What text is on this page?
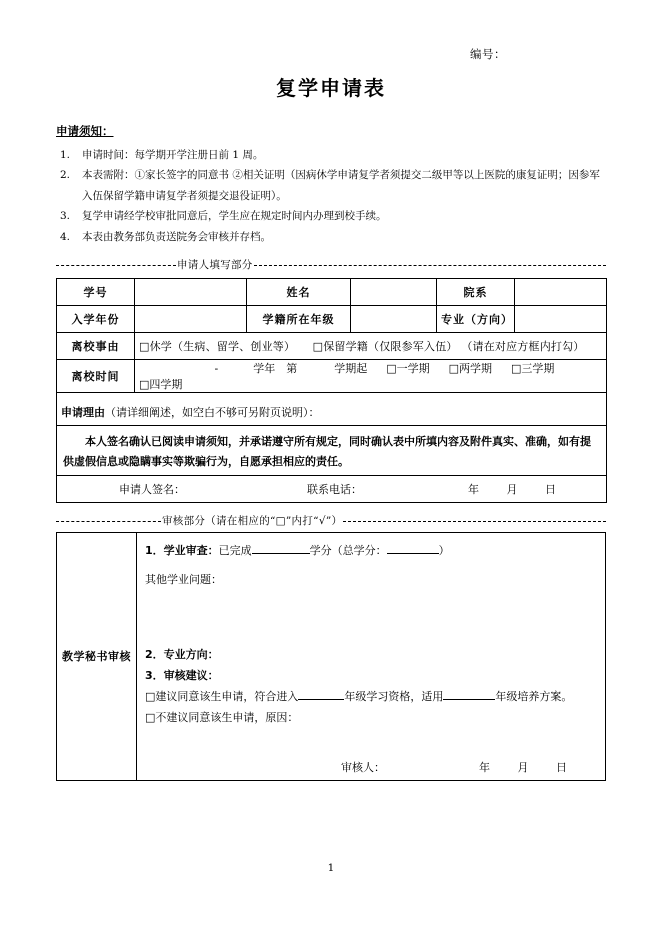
编号：
复学申请表
申请须知：
1.	申请时间：每学期开学注册日前 1 周。
2.	本表需附：①家长签字的同意书 ②相关证明（因病休学申请复学者须提交二级甲等以上医院的康复证明；因参军入伍保留学籍申请复学者须提交退役证明）。
3.	复学申请经学校审批同意后，学生应在规定时间内办理到校手续。
4.	本表由教务部负责送院务会审核并存档。
申请人填写部分
学号		姓名		院系	
入学年份		学籍所在年级		专业（方向）	
离校事由	□休学（生病、留学、创业等） □保留学籍（仅限参军入伍） （请在对应方框内打勾）				
离校时间	- 学年 第 学期起 □一学期 □两学期 □三学期  □四学期				

申请理由（请详细阐述，如空白不够可另附页说明）：					

本人签名确认已阅读申请须知，并承诺遵守所有规定，同时确认表中所填内容及附件真实、准确，如有提供虚假信息或隐瞒事实等欺骗行为，自愿承担相应的责任。					

申请人签名： 联系电话： 年 月 日					
审核部分（请在相应的“□”内打“√”）
教学秘书审核	
1．学业审查：已完成	学分（总学分：	）
其他学业问题：
2．专业方向：
3．审核建议：
□建议同意该生申请，符合进入	年级学习资格，适用	年级培养方案。
□不建议同意该生申请，原因：
审核人：	年 月 日
1
